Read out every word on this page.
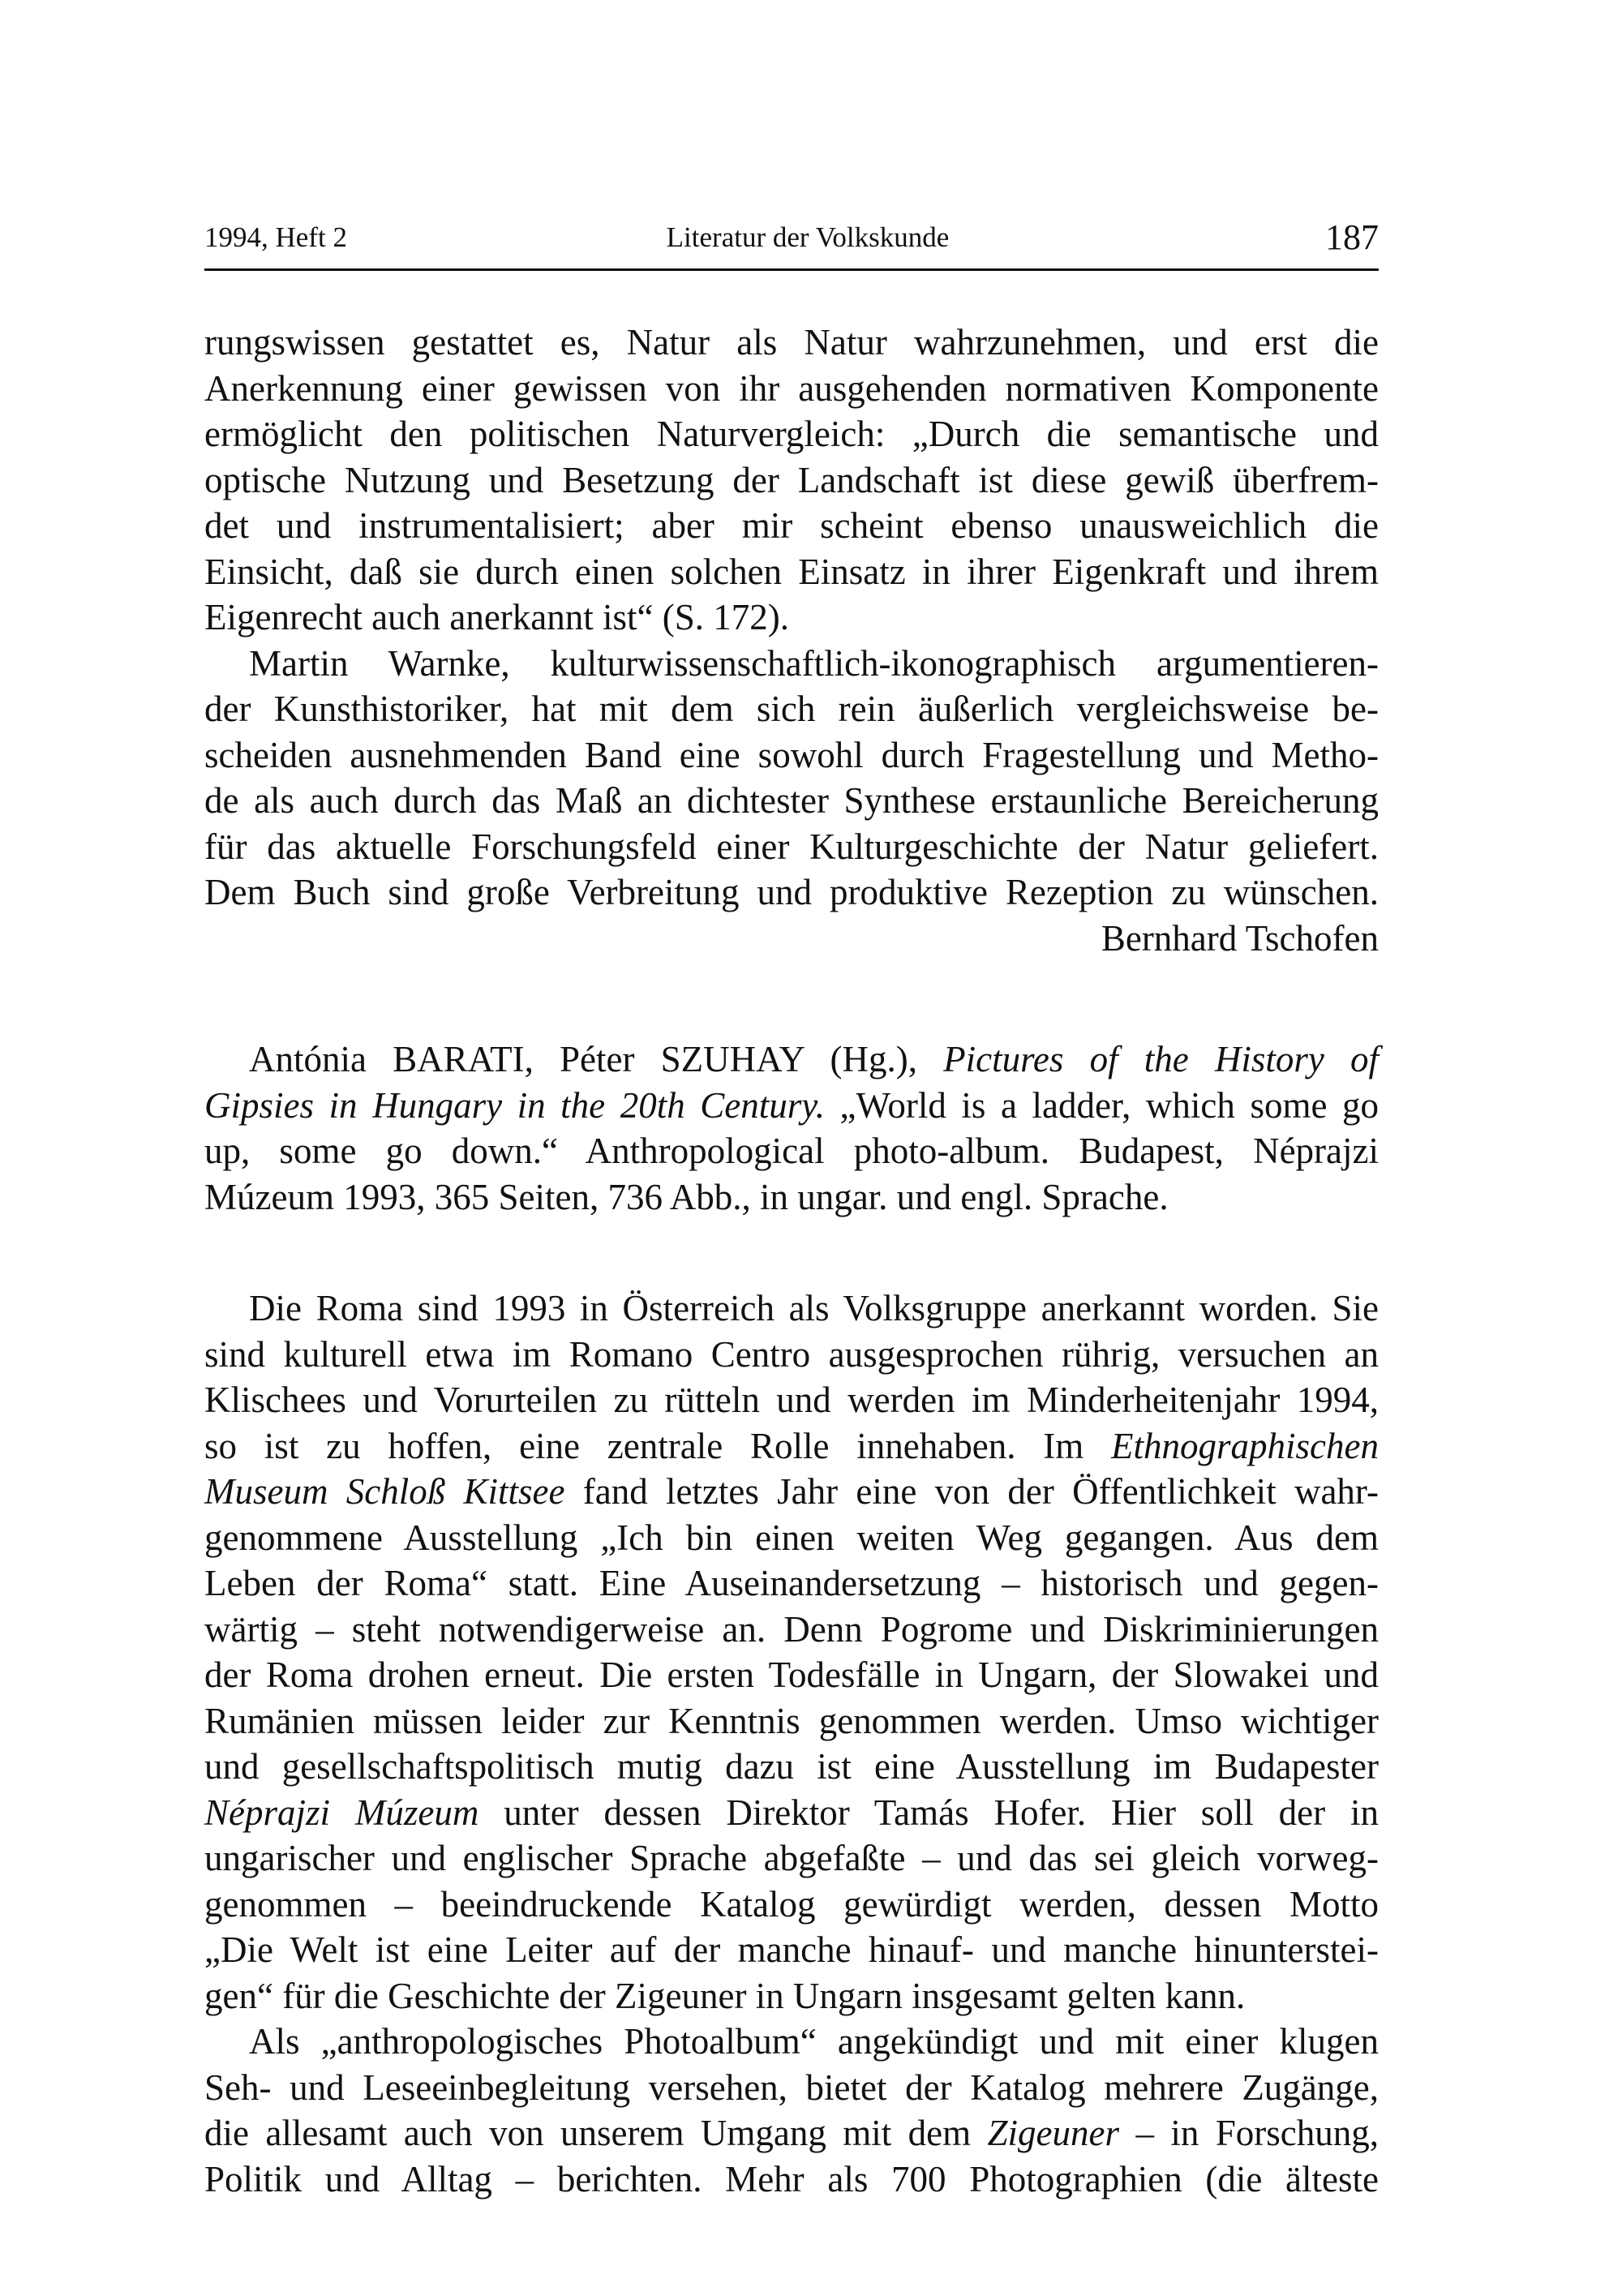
1994, Heft 2	Literatur der Volkskunde	187
rungswissen gestattet es, Natur als Natur wahrzunehmen, und erst die
Anerkennung einer gewissen von ihr ausgehenden normativen Komponente
ermöglicht den politischen Naturvergleich: „Durch die semantische und
optische Nutzung und Besetzung der Landschaft ist diese gewiß überfrem-
det und instrumentalisiert; aber mir scheint ebenso unausweichlich die
Einsicht, daß sie durch einen solchen Einsatz in ihrer Eigenkraft und ihrem
Eigenrecht auch anerkannt ist“ (S. 172).
Martin Warnke, kulturwissenschaftlich-ikonographisch argumentieren-
der Kunsthistoriker, hat mit dem sich rein äußerlich vergleichsweise be-
scheiden ausnehmenden Band eine sowohl durch Fragestellung und Metho-
de als auch durch das Maß an dichtester Synthese erstaunliche Bereicherung
für das aktuelle Forschungsfeld einer Kulturgeschichte der Natur geliefert.
Dem Buch sind große Verbreitung und produktive Rezeption zu wünschen.
Bernhard Tschofen
Antónia BARATI, Péter SZUHAY (Hg.), Pictures of the History of
Gipsies in Hungary in the 20th Century. „World is a ladder, which some go
up, some go down.“ Anthropological photo-album. Budapest, Néprajzi
Múzeum 1993, 365 Seiten, 736 Abb., in ungar. und engl. Sprache.
Die Roma sind 1993 in Österreich als Volksgruppe anerkannt worden. Sie
sind kulturell etwa im Romano Centro ausgesprochen rührig, versuchen an
Klischees und Vorurteilen zu rütteln und werden im Minderheitenjahr 1994,
so ist zu hoffen, eine zentrale Rolle innehaben. Im Ethnographischen
Museum Schloß Kittsee fand letztes Jahr eine von der Öffentlichkeit wahr-
genommene Ausstellung „Ich bin einen weiten Weg gegangen. Aus dem
Leben der Roma“ statt. Eine Auseinandersetzung – historisch und gegen-
wärtig – steht notwendigerweise an. Denn Pogrome und Diskriminierungen
der Roma drohen erneut. Die ersten Todesfälle in Ungarn, der Slowakei und
Rumänien müssen leider zur Kenntnis genommen werden. Umso wichtiger
und gesellschaftspolitisch mutig dazu ist eine Ausstellung im Budapester
Néprajzi Múzeum unter dessen Direktor Tamás Hofer. Hier soll der in
ungarischer und englischer Sprache abgefaßte – und das sei gleich vorweg-
genommen – beeindruckende Katalog gewürdigt werden, dessen Motto
„Die Welt ist eine Leiter auf der manche hinauf- und manche hinunterstei-
gen“ für die Geschichte der Zigeuner in Ungarn insgesamt gelten kann.
Als „anthropologisches Photoalbum“ angekündigt und mit einer klugen
Seh- und Leseeinbegleitung versehen, bietet der Katalog mehrere Zugänge,
die allesamt auch von unserem Umgang mit dem Zigeuner – in Forschung,
Politik und Alltag – berichten. Mehr als 700 Photographien (die älteste
